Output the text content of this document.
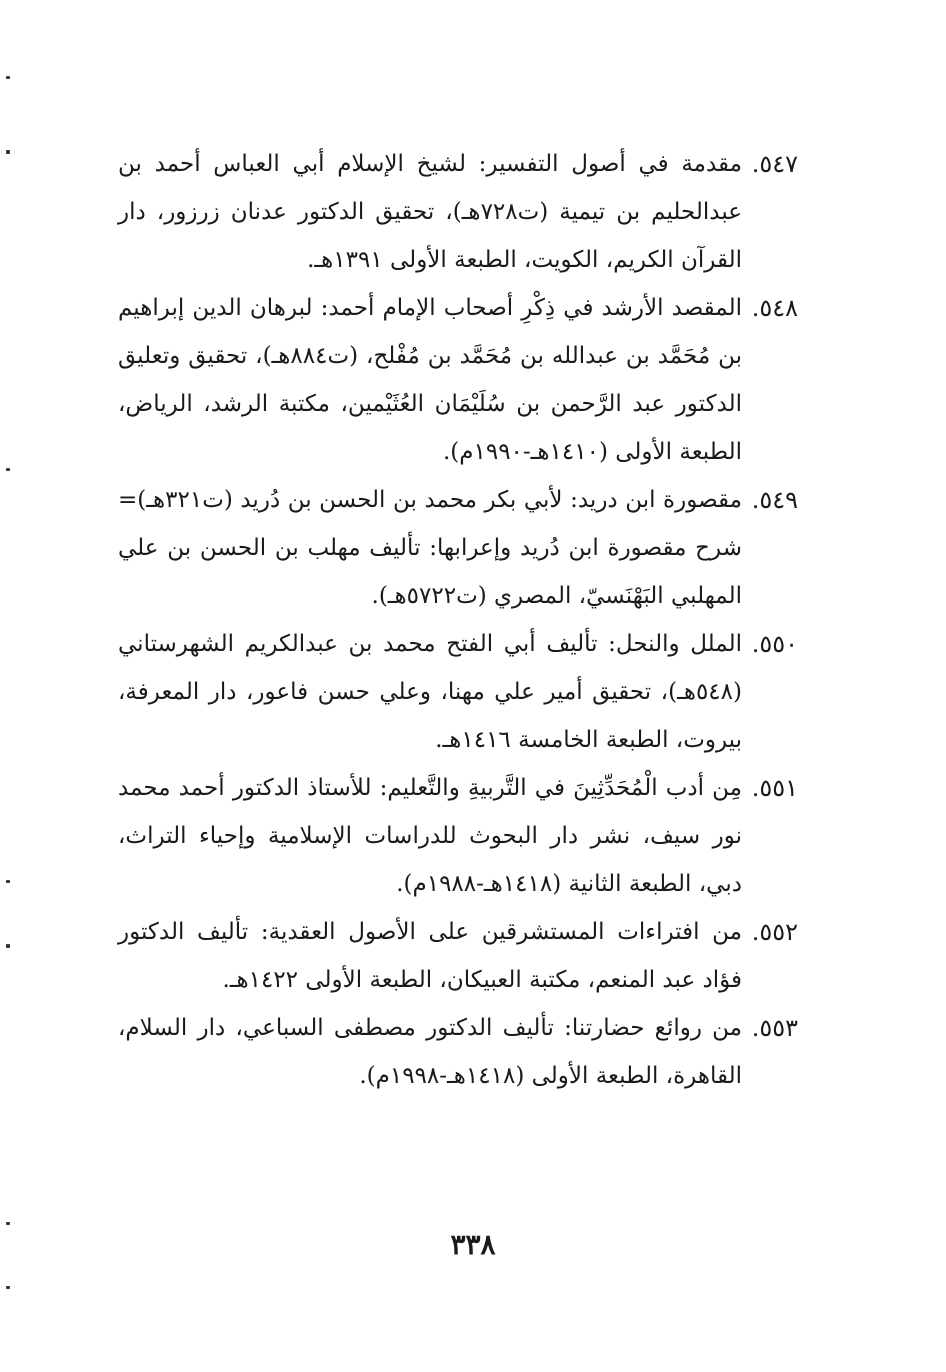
٥٤٧.
مقدمة في أصول التفسير: لشيخ الإسلام أبي العباس أحمد بن عبدالحليم بن تيمية (ت٧٢٨هـ)، تحقيق الدكتور عدنان زرزور، دار القرآن الكريم، الكويت، الطبعة الأولى ١٣٩١هـ.
٥٤٨.
المقصد الأرشد في ذِكْرِ أصحاب الإمام أحمد: لبرهان الدين إبراهيم بن مُحَمَّد بن عبدالله بن مُحَمَّد بن مُفْلح، (ت٨٨٤هـ)، تحقيق وتعليق الدكتور عبد الرَّحمن بن سُلَيْمَان العُثَيْمين، مكتبة الرشد، الرياض، الطبعة الأولى (١٤١٠هـ-١٩٩٠م).
٥٤٩.
مقصورة ابن دريد: لأبي بكر محمد بن الحسن بن دُريد (ت٣٢١هـ)= شرح مقصورة ابن دُريد وإعرابها: تأليف مهلب بن الحسن بن علي المهلبي البَهْنَسيّ، المصري (ت٥٧٢٢هـ).
٥٥٠.
الملل والنحل: تأليف أبي الفتح محمد بن عبدالكريم الشهرستاني (٥٤٨هـ)، تحقيق أمير علي مهنا، وعلي حسن فاعور، دار المعرفة، بيروت، الطبعة الخامسة ١٤١٦هـ.
٥٥١.
مِن أدب الْمُحَدِّثِينَ في التَّربيةِ والتَّعليم: للأستاذ الدكتور أحمد محمد نور سيف، نشر دار البحوث للدراسات الإسلامية وإحياء التراث، دبي، الطبعة الثانية (١٤١٨هـ-١٩٨٨م).
٥٥٢.
من افتراءات المستشرقين على الأصول العقدية: تأليف الدكتور فؤاد عبد المنعم، مكتبة العبيكان، الطبعة الأولى ١٤٢٢هـ.
٥٥٣.
من روائع حضارتنا: تأليف الدكتور مصطفى السباعي، دار السلام، القاهرة، الطبعة الأولى (١٤١٨هـ-١٩٩٨م).
٣٣٨
